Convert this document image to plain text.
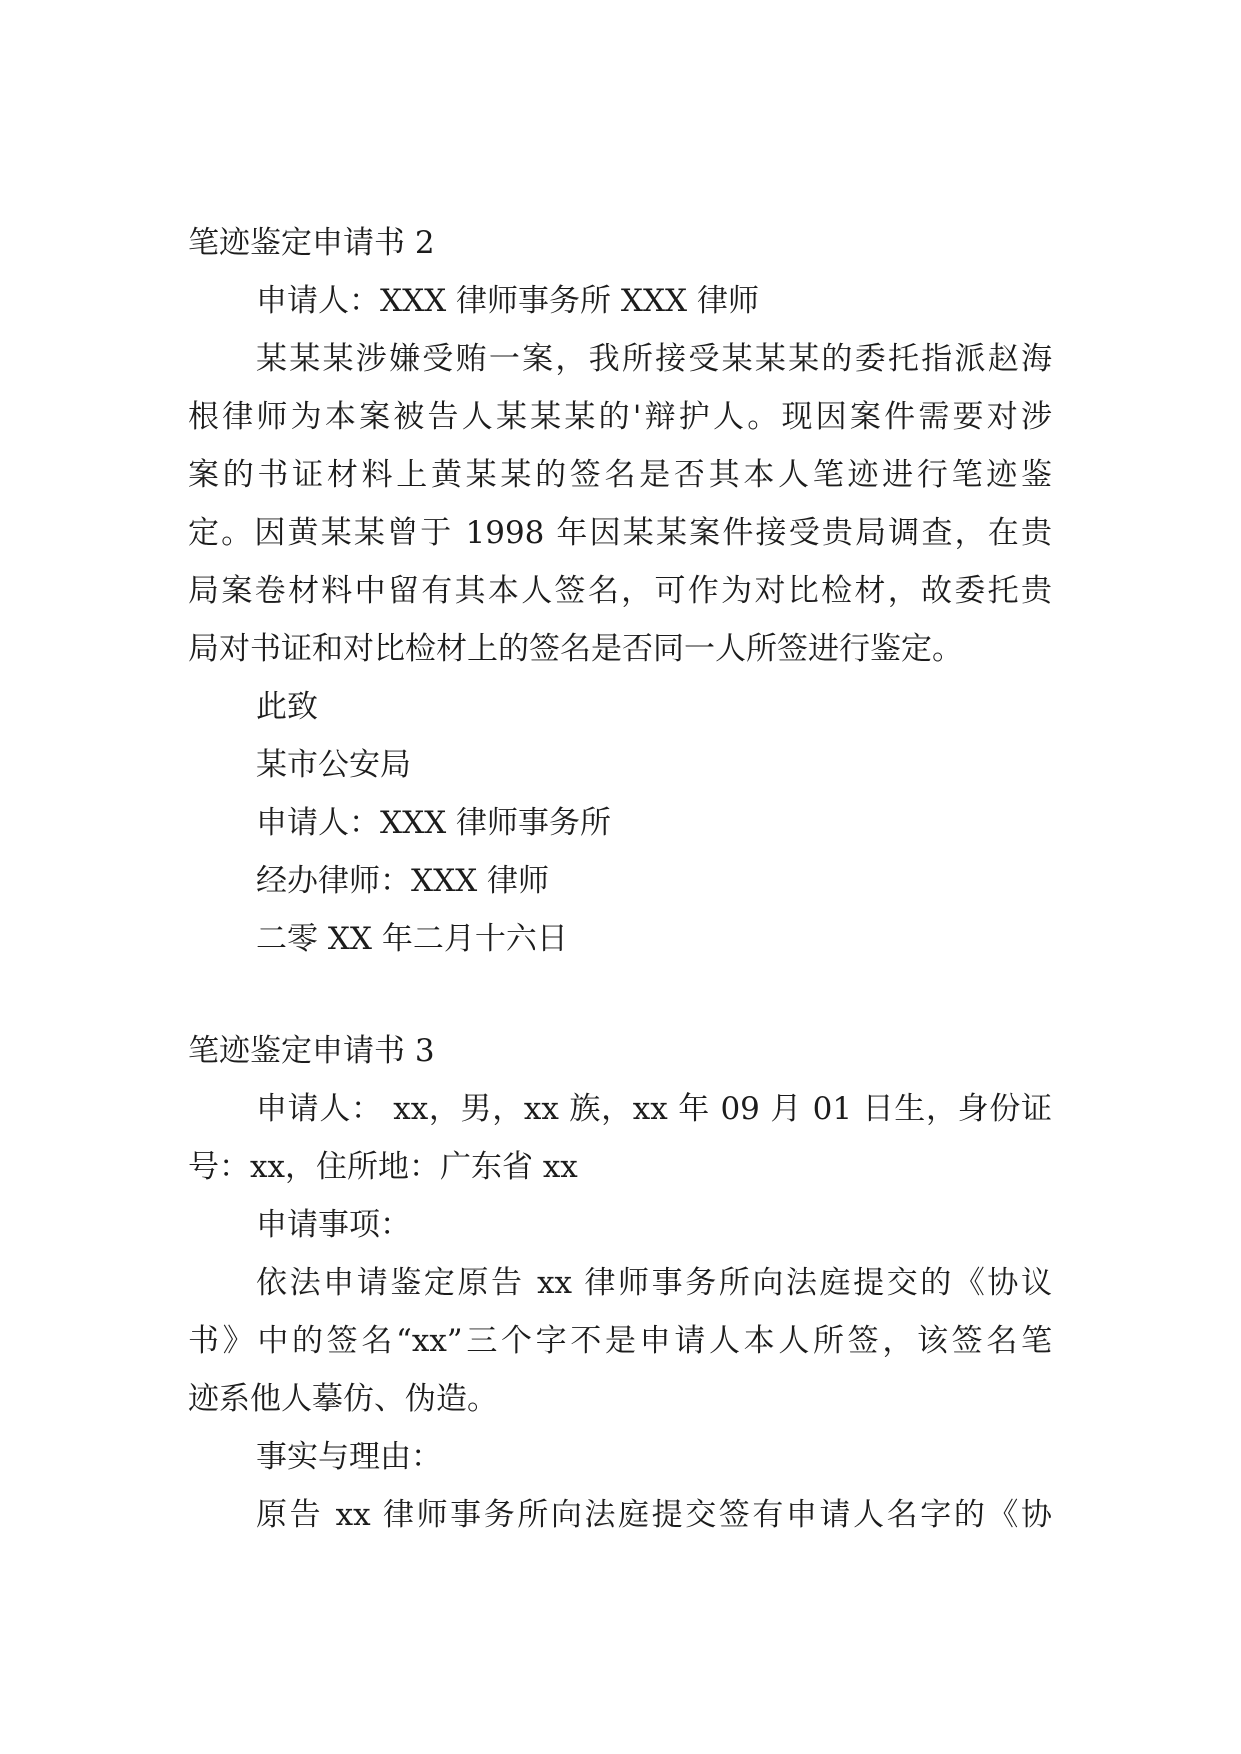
笔迹鉴定申请书 2

申请人：XXX 律师事务所 XXX 律师

某某某涉嫌受贿一案，我所接受某某某的委托指派赵海

根律师为本案被告人某某某的'辩护人。现因案件需要对涉

案的书证材料上黄某某的签名是否其本人笔迹进行笔迹鉴

定。因黄某某曾于 1998 年因某某案件接受贵局调查，在贵

局案卷材料中留有其本人签名，可作为对比检材，故委托贵

局对书证和对比检材上的签名是否同一人所签进行鉴定。

此致

某市公安局

申请人：XXX 律师事务所

经办律师：XXX 律师

二零 XX 年二月十六日

笔迹鉴定申请书 3

申请人： xx，男，xx 族，xx 年 09 月 01 日生，身份证

号：xx，住所地：广东省 xx

申请事项：

依法申请鉴定原告 xx 律师事务所向法庭提交的《协议

书》中的签名“xx”三个字不是申请人本人所签，该签名笔

迹系他人摹仿、伪造。

事实与理由：

原告 xx 律师事务所向法庭提交签有申请人名字的《协
